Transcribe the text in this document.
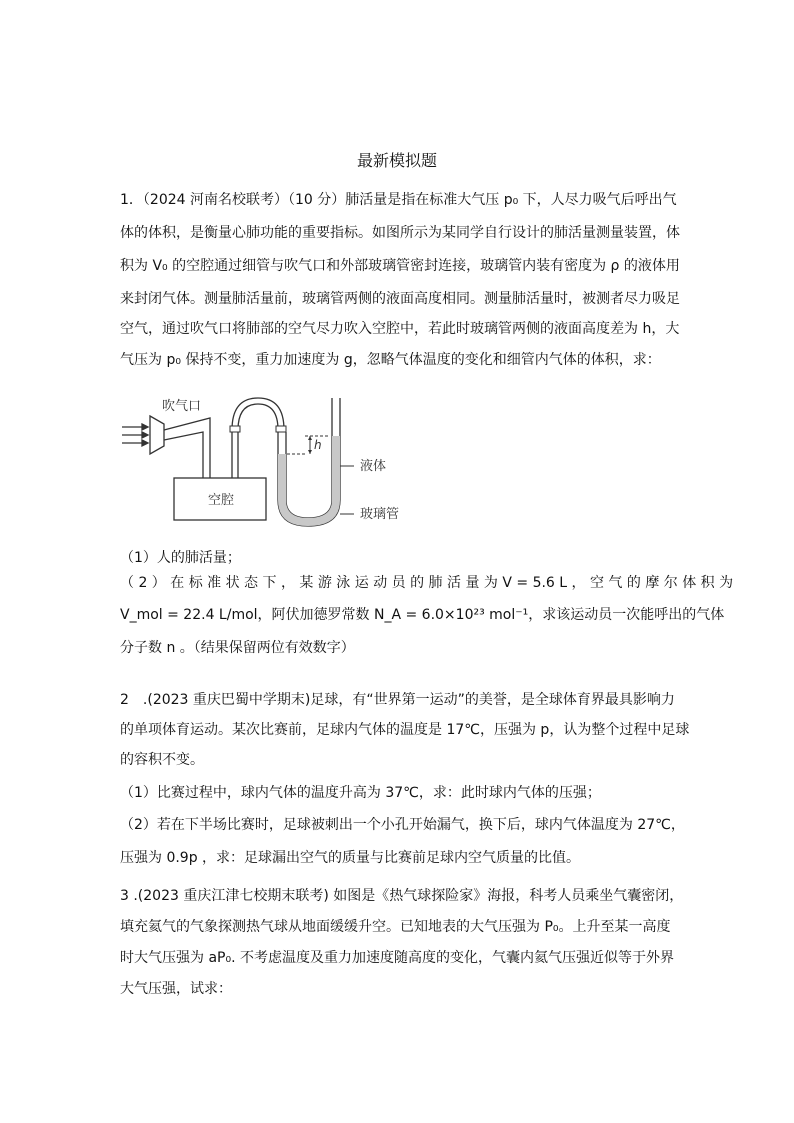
最新模拟题
1．（2024 河南名校联考）（10 分）肺活量是指在标准大气压 p₀ 下，人尽力吸气后呼出气
体的体积，是衡量心肺功能的重要指标。如图所示为某同学自行设计的肺活量测量装置，体
积为 V₀ 的空腔通过细管与吹气口和外部玻璃管密封连接，玻璃管内装有密度为 ρ 的液体用
来封闭气体。测量肺活量前，玻璃管两侧的液面高度相同。测量肺活量时，被测者尽力吸足
空气，通过吹气口将肺部的空气尽力吹入空腔中，若此时玻璃管两侧的液面高度差为 h，大
气压为 p₀ 保持不变，重力加速度为 g，忽略气体温度的变化和细管内气体的体积，求：
空腔
h
液体
玻璃管
吹气口
（1）人的肺活量；
（ 2 ） 在 标 准 状 态 下 ， 某 游 泳 运 动 员 的 肺 活 量 为 V = 5.6 L ， 空 气 的 摩 尔 体 积 为
V_mol = 22.4 L/mol，阿伏加德罗常数 N_A = 6.0×10²³ mol⁻¹，求该运动员一次能呼出的气体
分子数 n 。（结果保留两位有效数字）
2　.(2023 重庆巴蜀中学期末)足球，有“世界第一运动”的美誉，是全球体育界最具影响力
的单项体育运动。某次比赛前，足球内气体的温度是 17℃，压强为 p，认为整个过程中足球
的容积不变。
（1）比赛过程中，球内气体的温度升高为 37℃，求：此时球内气体的压强；
（2）若在下半场比赛时，足球被刺出一个小孔开始漏气，换下后，球内气体温度为 27℃，
压强为 0.9p ，求：足球漏出空气的质量与比赛前足球内空气质量的比值。
3 .(2023 重庆江津七校期末联考) 如图是《热气球探险家》海报，科考人员乘坐气囊密闭，
填充氦气的气象探测热气球从地面缓缓升空。已知地表的大气压强为 P₀。上升至某一高度
时大气压强为 aP₀. 不考虑温度及重力加速度随高度的变化，气囊内氦气压强近似等于外界
大气压强，试求：
